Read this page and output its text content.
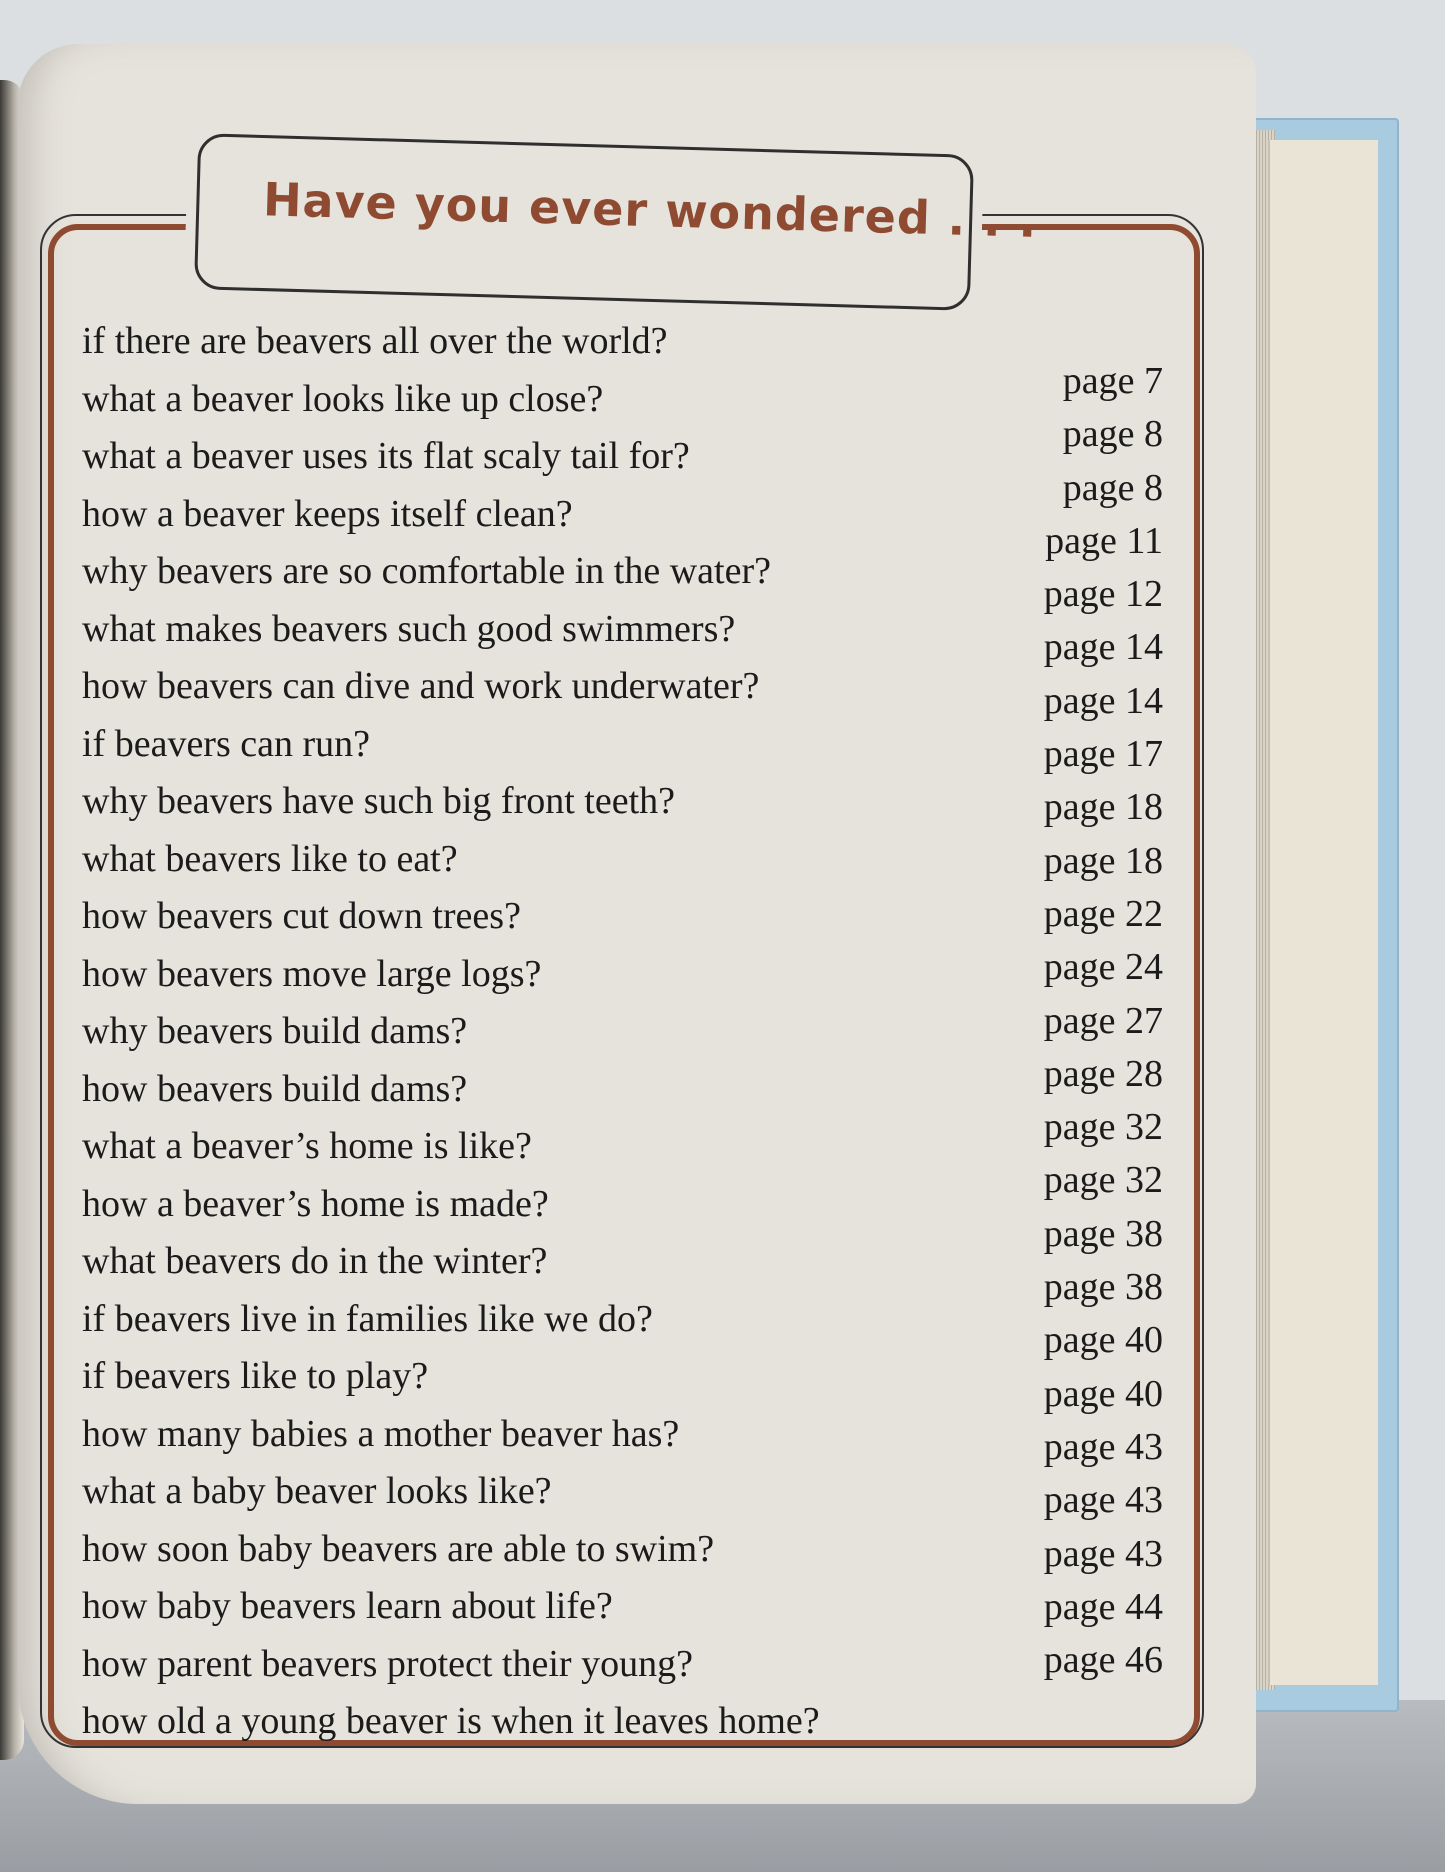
Have you ever wondered . . .
if there are beavers all over the world?
what a beaver looks like up close?
what a beaver uses its flat scaly tail for?
how a beaver keeps itself clean?
why beavers are so comfortable in the water?
what makes beavers such good swimmers?
how beavers can dive and work underwater?
if beavers can run?
why beavers have such big front teeth?
what beavers like to eat?
how beavers cut down trees?
how beavers move large logs?
why beavers build dams?
how beavers build dams?
what a beaver’s home is like?
how a beaver’s home is made?
what beavers do in the winter?
if beavers live in families like we do?
if beavers like to play?
how many babies a mother beaver has?
what a baby beaver looks like?
how soon baby beavers are able to swim?
how baby beavers learn about life?
how parent beavers protect their young?
how old a young beaver is when it leaves home?
page 7
page 8
page 8
page 11
page 12
page 14
page 14
page 17
page 18
page 18
page 22
page 24
page 27
page 28
page 32
page 32
page 38
page 38
page 40
page 40
page 43
page 43
page 43
page 44
page 46
